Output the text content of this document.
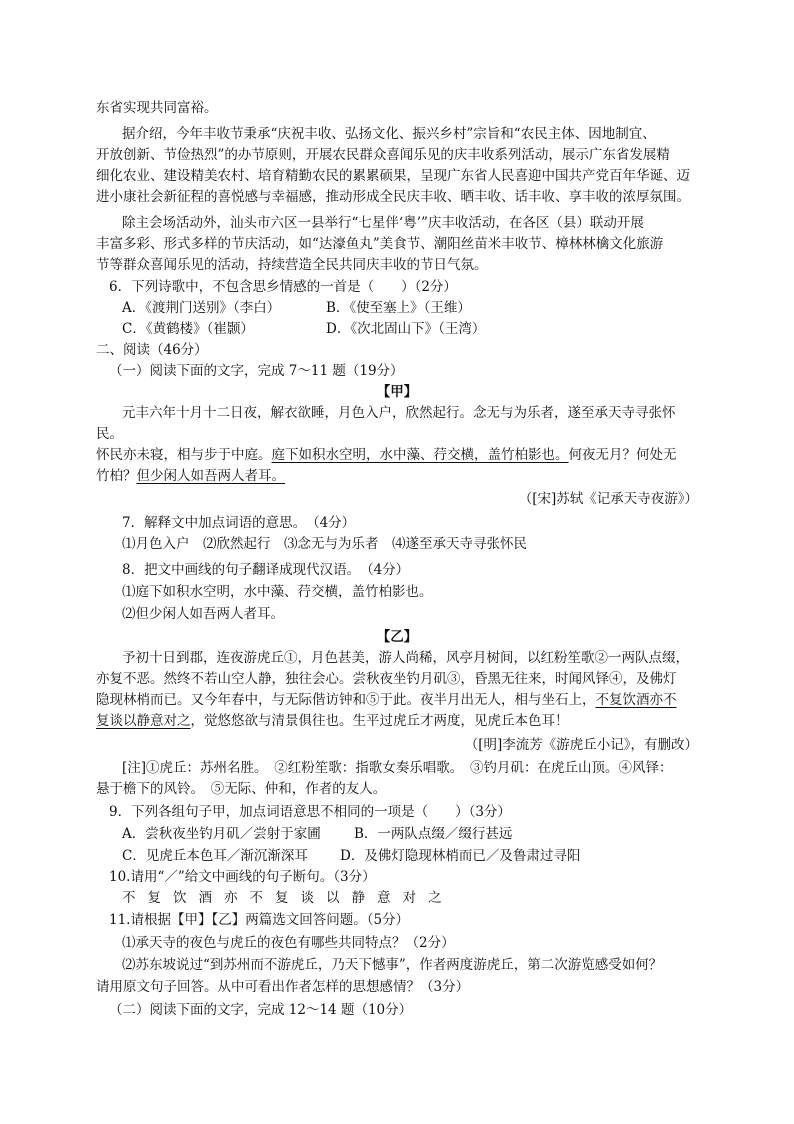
东省实现共同富裕。
据介绍，今年丰收节秉承“庆祝丰收、弘扬文化、振兴乡村”宗旨和“农民主体、因地制宜、
开放创新、节俭热烈”的办节原则，开展农民群众喜闻乐见的庆丰收系列活动，展示广东省发展精
细化农业、建设精美农村、培育精勤农民的累累硕果，呈现广东省人民喜迎中国共产党百年华诞、迈
进小康社会新征程的喜悦感与幸福感，推动形成全民庆丰收、晒丰收、话丰收、享丰收的浓厚氛围。
除主会场活动外，汕头市六区一县举行“七星伴‘粤’”庆丰收活动，在各区（县）联动开展
丰富多彩、形式多样的节庆活动，如“达濠鱼丸”美食节、潮阳丝苗米丰收节、樟林林檎文化旅游
节等群众喜闻乐见的活动，持续营造全民共同庆丰收的节日气氛。
6．下列诗歌中，不包含思乡情感的一首是（　　）（2分）
A．《渡荆门送别》（李白）	B．《使至塞上》（王维）
C．《黄鹤楼》（崔颢）	D．《次北固山下》（王湾）
二、阅读（46分）
（一）阅读下面的文字，完成 7～11 题（19分）
【甲】
元丰六年十月十二日夜，解衣欲睡，月色入户，欣然起行。念无与为乐者，遂至承天寺寻张怀
民。
怀民亦未寝，相与步于中庭。庭下如积水空明，水中藻、荇交横，盖竹柏影也。何夜无月？何处无
竹柏？但少闲人如吾两人者耳。
（[宋]苏轼《记承天寺夜游》）
7．解释文中加点词语的意思。　（4分）
⑴月色入户　⑵欣然起行　⑶念无与为乐者　⑷遂至承天寺寻张怀民
8．把文中画线的句子翻译成现代汉语。　（4分）
⑴庭下如积水空明，水中藻、荇交横，盖竹柏影也。
⑵但少闲人如吾两人者耳。
【乙】
予初十日到郡，连夜游虎丘①，月色甚美，游人尚稀，风亭月树间，以红粉笙歌②一两队点缀，
亦复不恶。然终不若山空人静，独往会心。尝秋夜坐钓月矶③，昏黑无往来，时闻风铎④，及佛灯
隐现林梢而已。又今年春中，与无际偕访钟和⑤于此。夜半月出无人，相与坐石上，不复饮酒亦不
复谈以静意对之，觉悠悠欲与清景俱往也。生平过虎丘才两度，见虎丘本色耳！
（[明]李流芳《游虎丘小记》，有删改）
[注]①虎丘：苏州名胜。　②红粉笙歌：指歌女奏乐唱歌。　③钓月矶：在虎丘山顶。④风铎：
悬于檐下的风铃。　⑤无际、仲和，作者的友人。
9．下列各组句子甲，加点词语意思不相同的一项是（　　）（3分）
A．尝秋夜坐钓月矶／尝射于家圃 B．一两队点缀／缀行甚远
C．见虎丘本色耳／渐沉渐深耳 D．及佛灯隐现林梢而已／及鲁肃过寻阳
10.请用“／”给文中画线的句子断句。（3分）
不复饮酒亦不复谈以静意对之
11.请根据【甲】【乙】两篇选文回答问题。（5分）
⑴承天寺的夜色与虎丘的夜色有哪些共同特点？（2分）
⑵苏东坡说过“到苏州而不游虎丘，乃天下憾事”，作者两度游虎丘，第二次游览感受如何？
请用原文句子回答。从中可看出作者怎样的思想感情？（3分）
（二）阅读下面的文字，完成 12～14 题（10分）
